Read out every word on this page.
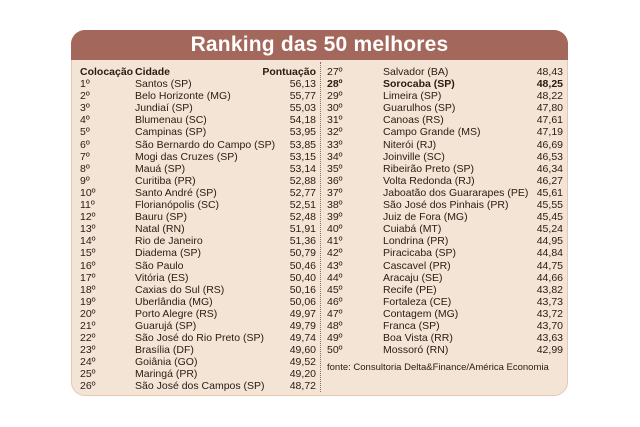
Ranking das 50 melhores
Colocação Cidade	Pontuação
1º	Santos (SP)	56,13
2º	Belo Horizonte (MG)	55,77
3º	Jundiaí (SP)	55,03
4º	Blumenau (SC)	54,18
5º	Campinas (SP)	53,95
6º	São Bernardo do Campo (SP) 53,85
7º	Mogi das Cruzes (SP)	53,15
8º	Mauá (SP)	53,14
9º	Curitiba (PR)	52,88
10º	Santo André (SP)	52,77
11º	Florianópolis (SC)	52,51
12º	Bauru (SP)	52,48
13º	Natal (RN)	51,91
14º	Rio de Janeiro	51,36
15º	Diadema (SP)	50,79
16º	São Paulo	50,46
17º	Vitória (ES)	50,40
18º	Caxias do Sul (RS)	50,16
19º	Uberlândia (MG)	50,06
20º	Porto Alegre (RS)	49,97
21º	Guarujá (SP)	49,79
22º	São José do Rio Preto (SP) 49,74
23º	Brasília (DF)	49,60
24º	Goiânia (GO)	49,52
25º	Maringá (PR)	49,20
26º	São José dos Campos (SP) 48,72
27º	Salvador (BA)	48,43
28º	Sorocaba (SP)	48,25
29º	Limeira (SP)	48,22
30º	Guarulhos (SP)	47,80
31º	Canoas (RS)	47,61
32º	Campo Grande (MS)	47,19
33º	Niterói (RJ)	46,69
34º	Joinville (SC)	46,53
35º	Ribeirão Preto (SP)	46,34
36º	Volta Redonda (RJ)	46,27
37º	Jaboatão dos Guararapes (PE) 45,61
38º	São José dos Pinhais (PR)	45,55
39º	Juiz de Fora (MG)	45,45
40º	Cuiabá (MT)	45,24
41º	Londrina (PR)	44,95
42º	Piracicaba (SP)	44,84
43º	Cascavel (PR)	44,75
44º	Aracaju (SE)	44,66
45º	Recife (PE)	43,82
46º	Fortaleza (CE)	43,73
47º	Contagem (MG)	43,72
48º	Franca (SP)	43,70
49º	Boa Vista (RR)	43,63
50º	Mossoró (RN)	42,99
fonte: Consultoria Delta&Finance/América Economia
